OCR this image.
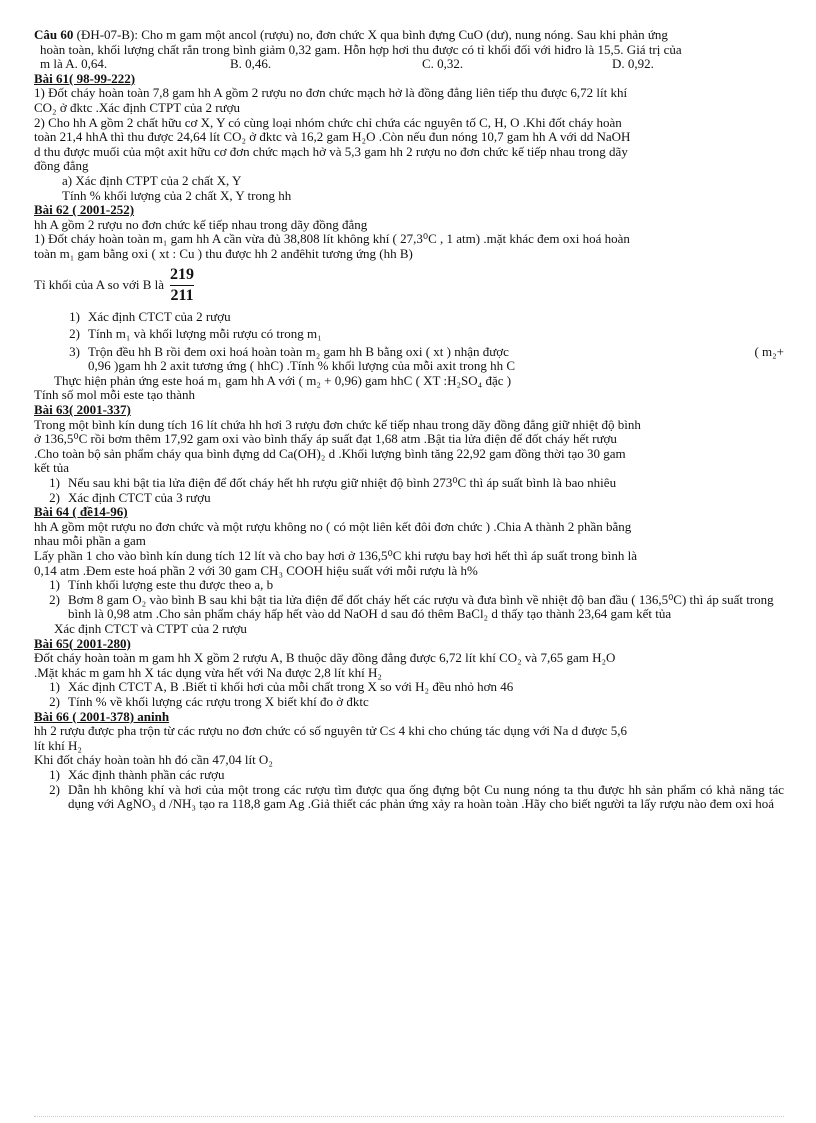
Câu 60 (ĐH-07-B): Cho m gam một ancol (rượu) no, đơn chức X qua bình đựng CuO (dư), nung nóng. Sau khi phản ứng

hoàn toàn, khối lượng chất rắn trong bình giảm 0,32 gam. Hỗn hợp hơi thu được có tỉ khối đối với hiđro là 15,5. Giá trị của

m là A. 0,64.	B. 0,46.	C. 0,32.	D. 0,92.

Bài 61( 98-99-222)

1) Đốt cháy hoàn toàn 7,8 gam hh A gồm 2 rượu no đơn chức mạch hở là đồng đẳng liên tiếp thu được 6,72 lít khí

CO₂ ở đktc .Xác định CTPT của 2 rượu

2) Cho hh A gồm 2 chất hữu cơ X, Y có cùng loại nhóm chức chỉ chứa các nguyên tố C, H, O .Khi đốt cháy hoàn

toàn 21,4 hhA thì thu được 24,64 lít CO₂ ở đktc và 16,2 gam H₂O .Còn nếu đun nóng 10,7 gam hh A với dd NaOH

d thu được muối của một axit hữu cơ đơn chức mạch hở và 5,3 gam hh 2 rượu no đơn chức kế tiếp nhau trong dãy

đồng đẳng

a) Xác định CTPT của 2 chất X, Y

Tính % khối lượng của 2 chất X, Y trong hh

Bài 62 ( 2001-252)

hh A gồm 2 rượu no đơn chức kế tiếp nhau trong dãy đồng đẳng

1) Đốt cháy hoàn toàn m₁ gam hh A cần vừa đủ 38,808 lít không khí ( 27,3⁰C , 1 atm) .mặt khác đem oxi hoá hoàn

toàn m₁ gam bằng oxi ( xt : Cu ) thu được hh 2 anđêhit tương ứng (hh B)

Tỉ khối của A so với B là $\frac{219}{211}$
1) Xác định CTCT của 2 rượu
2) Tính m₁ và khối lượng mỗi rượu có trong m₁
3) Trộn đều hh B rồi đem oxi hoá hoàn toàn m₂ gam hh B bằng oxi ( xt ) nhận được	( m₂+

0,96 )gam hh 2 axit tương ứng ( hhC) .Tính % khối lượng của mỗi axit trong hh C

Thực hiện phản ứng este hoá m₁ gam hh A với ( m₂ + 0,96) gam hhC ( XT :H₂SO₄ đặc )

Tính số mol mỗi este tạo thành

Bài 63( 2001-337)

Trong một bình kín dung tích 16 lít chứa hh hơi 3 rượu đơn chức kế tiếp nhau trong dãy đồng đẳng giữ nhiệt độ bình

ở 136,5⁰C rồi bơm thêm 17,92 gam oxi vào bình thấy áp suất đạt 1,68 atm .Bật tia lửa điện để đốt cháy hết rượu

.Cho toàn bộ sản phẩm cháy qua bình đựng dd Ca(OH)₂ d .Khối lượng bình tăng 22,92 gam đồng thời tạo 30 gam

kết tủa

1) Nếu sau khi bật tia lửa điện để đốt cháy hết hh rượu giữ nhiệt độ bình 273⁰C thì áp suất bình là bao nhiêu
2) Xác định CTCT của 3 rượu

Bài 64 ( đề14-96)

hh A gồm một rượu no đơn chức và một rượu không no ( có một liên kết đôi đơn chức ) .Chia A thành 2 phần bằng

nhau mỗi phần a gam

Lấy phần 1 cho vào bình kín dung tích 12 lít và cho bay hơi ở 136,5⁰C khi rượu bay hơi hết thì áp suất trong bình là

0,14 atm .Đem este hoá phần 2 với 30 gam CH₃ COOH hiệu suất với mỗi rượu là h%

1) Tính khối lượng este thu được theo a, b
2) Bơm 8 gam O₂ vào bình B sau khi bật tia lửa điện để đốt cháy hết các rượu và đưa bình về nhiệt độ ban đầu ( 136,5⁰C) thì áp suất trong bình là 0,98 atm .Cho sản phẩm cháy hấp hết vào dd NaOH d sau đó thêm BaCl₂ d thấy tạo thành 23,64 gam kết tủa

Xác định CTCT và CTPT của 2 rượu

Bài 65( 2001-280)

Đốt cháy hoàn toàn m gam hh X gồm 2 rượu A, B thuộc dãy đồng đẳng được 6,72 lít khí CO₂ và 7,65 gam H₂O

.Mặt khác m gam hh X tác dụng vừa hết với Na được 2,8 lít khí H₂

1) Xác định CTCT A, B .Biết tỉ khối hơi của mỗi chất trong X so với H₂ đều nhỏ hơn 46
2) Tính % về khối lượng các rượu trong X biết khí đo ở đktc

Bài 66 ( 2001-378) aninh

hh 2 rượu được pha trộn từ các rượu no đơn chức có số nguyên tử C≤ 4 khi cho chúng tác dụng với Na d được 5,6

lít khí H₂

Khi đốt cháy hoàn toàn hh đó cần 47,04 lít O₂

1) Xác định thành phần các rượu
2) Dẫn hh không khí và hơi của một trong các rượu tìm được qua ống đựng bột Cu nung nóng ta thu được hh sản phẩm có khả năng tác dụng với AgNO₃ d /NH₃ tạo ra 118,8 gam Ag .Giả thiết các phản ứng xảy ra hoàn toàn .Hãy cho biết người ta lấy rượu nào đem oxi hoá
